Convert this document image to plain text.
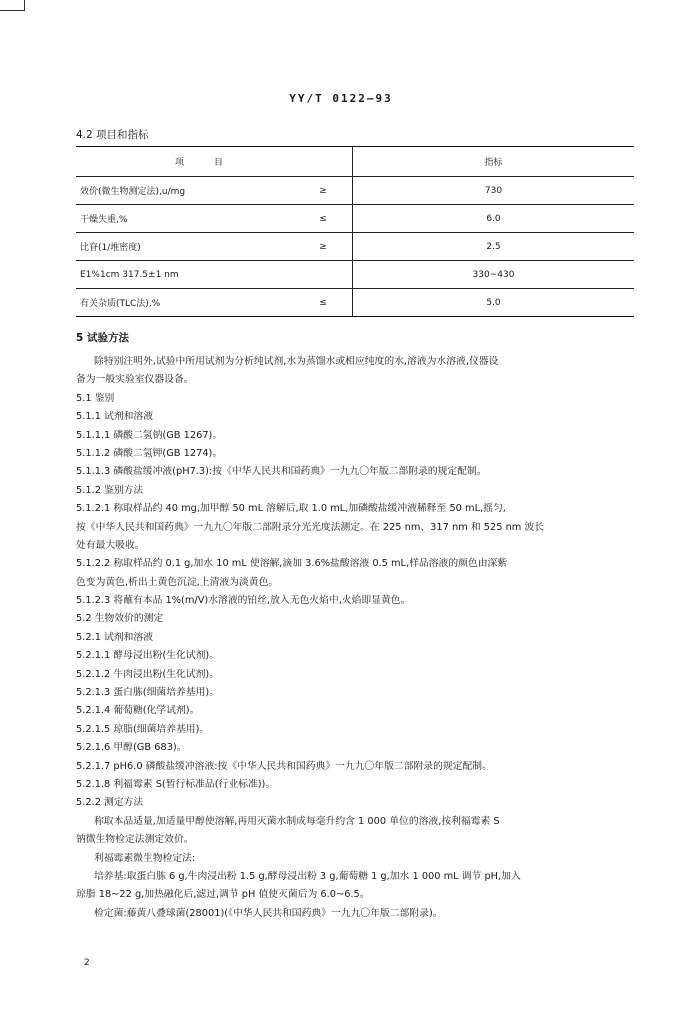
YY/T 0122—93
4.2 项目和指标
项目		指标
效价(微生物测定法),u/mg	≥	730
干燥失重,%	≤	6.0
比眘(1/堆密度)	≥	2.5
E1%1cm 317.5±1 nm		330~430
有关杂质(TLC法),%	≤	5.0
5 试验方法
除特别注明外,试验中所用试剂为分析纯试剂,水为蒸馏水或相应纯度的水,溶液为水溶液,仪器设
备为一般实验室仪器设备。
5.1 鉴别
5.1.1 试剂和溶液
5.1.1.1 磷酸二氢钠(GB 1267)。
5.1.1.2 磷酸二氢钾(GB 1274)。
5.1.1.3 磷酸盐缓冲液(pH7.3):按《中华人民共和国药典》一九九〇年版二部附录的规定配制。
5.1.2 鉴别方法
5.1.2.1 称取样品约 40 mg,加甲醇 50 mL 溶解后,取 1.0 mL,加磷酸盐缓冲液稀释至 50 mL,摇匀,
按《中华人民共和国药典》一九九〇年版二部附录分光光度法测定。在 225 nm、317 nm 和 525 nm 波长
处有最大吸收。
5.1.2.2 称取样品约 0.1 g,加水 10 mL 使溶解,滴加 3.6%盐酸溶液 0.5 mL,样品溶液的颜色由深紫
色变为黄色,析出土黄色沉淀,上清液为淡黄色。
5.1.2.3 将蘸有本品 1%(m/V)水溶液的铂丝,放入无色火焰中,火焰即显黄色。
5.2 生物效价的测定
5.2.1 试剂和溶液
5.2.1.1 酵母浸出粉(生化试剂)。
5.2.1.2 牛肉浸出粉(生化试剂)。
5.2.1.3 蛋白胨(细菌培养基用)。
5.2.1.4 葡萄糖(化学试剂)。
5.2.1.5 琼脂(细菌培养基用)。
5.2.1.6 甲醇(GB 683)。
5.2.1.7 pH6.0 磷酸盐缓冲溶液:按《中华人民共和国药典》一九九〇年版二部附录的规定配制。
5.2.1.8 利福霉素 S(暂行标准品(行业标准))。
5.2.2 测定方法
称取本品适量,加适量甲醇使溶解,再用灭菌水制成每毫升约含 1 000 单位的溶液,按利福霉素 S
钠微生物检定法测定效价。
利福霉素微生物检定法:
培养基:取蛋白胨 6 g,牛肉浸出粉 1.5 g,酵母浸出粉 3 g,葡萄糖 1 g,加水 1 000 mL 调节 pH,加入
琼脂 18~22 g,加热融化后,滤过,调节 pH 值使灭菌后为 6.0~6.5。
检定菌:藤黄八叠球菌(28001)(《中华人民共和国药典》一九九〇年版二部附录)。
2
